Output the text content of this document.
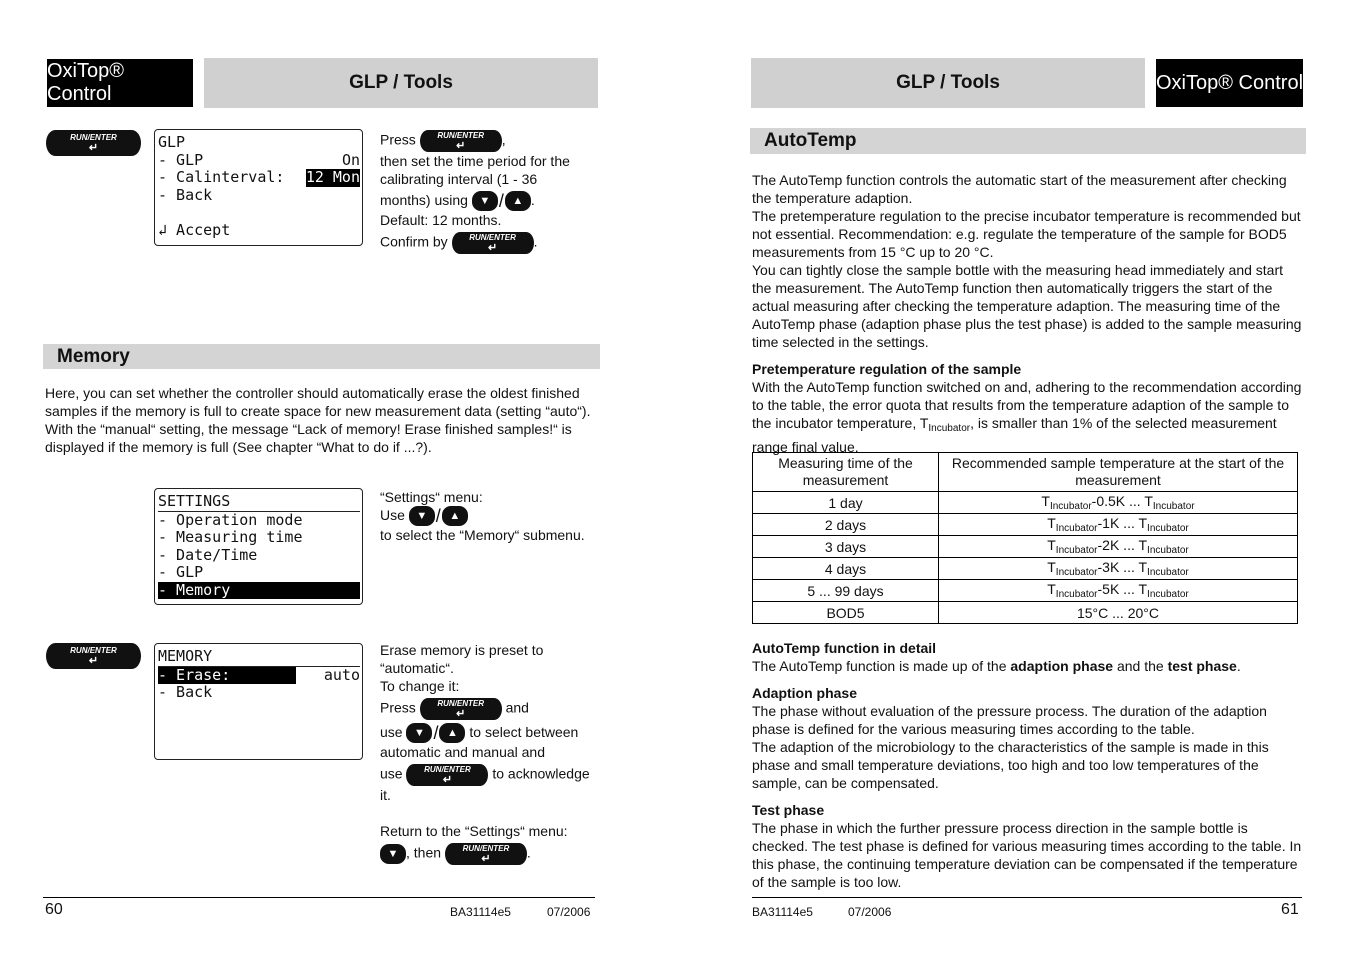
OxiTop® Control
GLP / Tools
RUN/ENTER
↵	GLP
- GLP	On
- Calinterval: 12 Mon
- Back

↲ Accept

Press	RUN/ENTER
↵	,

then set the time period for the

calibrating interval (1 - 36

months) using	▼ / ▲ .

Default: 12 months.

Confirm by	RUN/ENTER
↵	.

Memory

Here, you can set whether the controller should automatically erase the oldest finished samples if the memory is full to create space for new measurement data (setting “auto“).

With the “manual“ setting, the message “Lack of memory! Erase finished samples!“ is displayed if the memory is full (See chapter “What to do if ...?).

SETTINGS
- Operation mode
- Measuring time
- Date/Time
- GLP
- Memory

“Settings“ menu:

Use	▼ / ▲

to select the “Memory“ submenu.

RUN/ENTER
↵	MEMORY
- Erase:	auto
- Back

Erase memory is preset to

“automatic“.

To change it:

Press	RUN/ENTER
↵	and

use	▼ / ▲ to select between

automatic and manual and

use	RUN/ENTER
↵	to acknowledge

it.

Return to the “Settings“ menu:

▼ , then	RUN/ENTER
↵	.

60	BA31114e5	07/2006
GLP / Tools	OxiTop® Control
AutoTemp

The AutoTemp function controls the automatic start of the measurement after checking the temperature adaption.

The pretemperature regulation to the precise incubator temperature is recommended but not essential. Recommendation: e.g. regulate the temperature of the sample for BOD5 measurements from 15 °C up to 20 °C.

You can tightly close the sample bottle with the measuring head immediately and start the measurement. The AutoTemp function then automatically triggers the start of the actual measuring after checking the temperature adaption. The measuring time of the AutoTemp phase (adaption phase plus the test phase) is added to the sample measuring time selected in the settings.

Pretemperature regulation of the sample

With the AutoTemp function switched on and, adhering to the recommendation according to the table, the error quota that results from the temperature adaption of the sample to the incubator temperature, $T_{Incubator}$, is smaller than 1% of the selected measurement range final value.

Measuring time of the measurement	Recommended sample temperature at the start of the measurement
1 day	$T_{Incubator}-0.5K$ ... $T_{Incubator}$
2 days	$T_{Incubator}-1K$ ... $T_{Incubator}$
3 days	$T_{Incubator}-2K$ ... $T_{Incubator}$
4 days	$T_{Incubator}-3K$ ... $T_{Incubator}$
5 ... 99 days	$T_{Incubator}-5K$ ... $T_{Incubator}$
BOD5	15°C ... 20°C

AutoTemp function in detail

The AutoTemp function is made up of the adaption phase and the test phase.

Adaption phase

The phase without evaluation of the pressure process. The duration of the adaption phase is defined for the various measuring times according to the table.

The adaption of the microbiology to the characteristics of the sample is made in this phase and small temperature deviations, too high and too low temperatures of the sample, can be compensated.

Test phase

The phase in which the further pressure process direction in the sample bottle is checked. The test phase is defined for various measuring times according to the table. In this phase, the continuing temperature deviation can be compensated if the temperature of the sample is too low.

BA31114e5	07/2006	61
